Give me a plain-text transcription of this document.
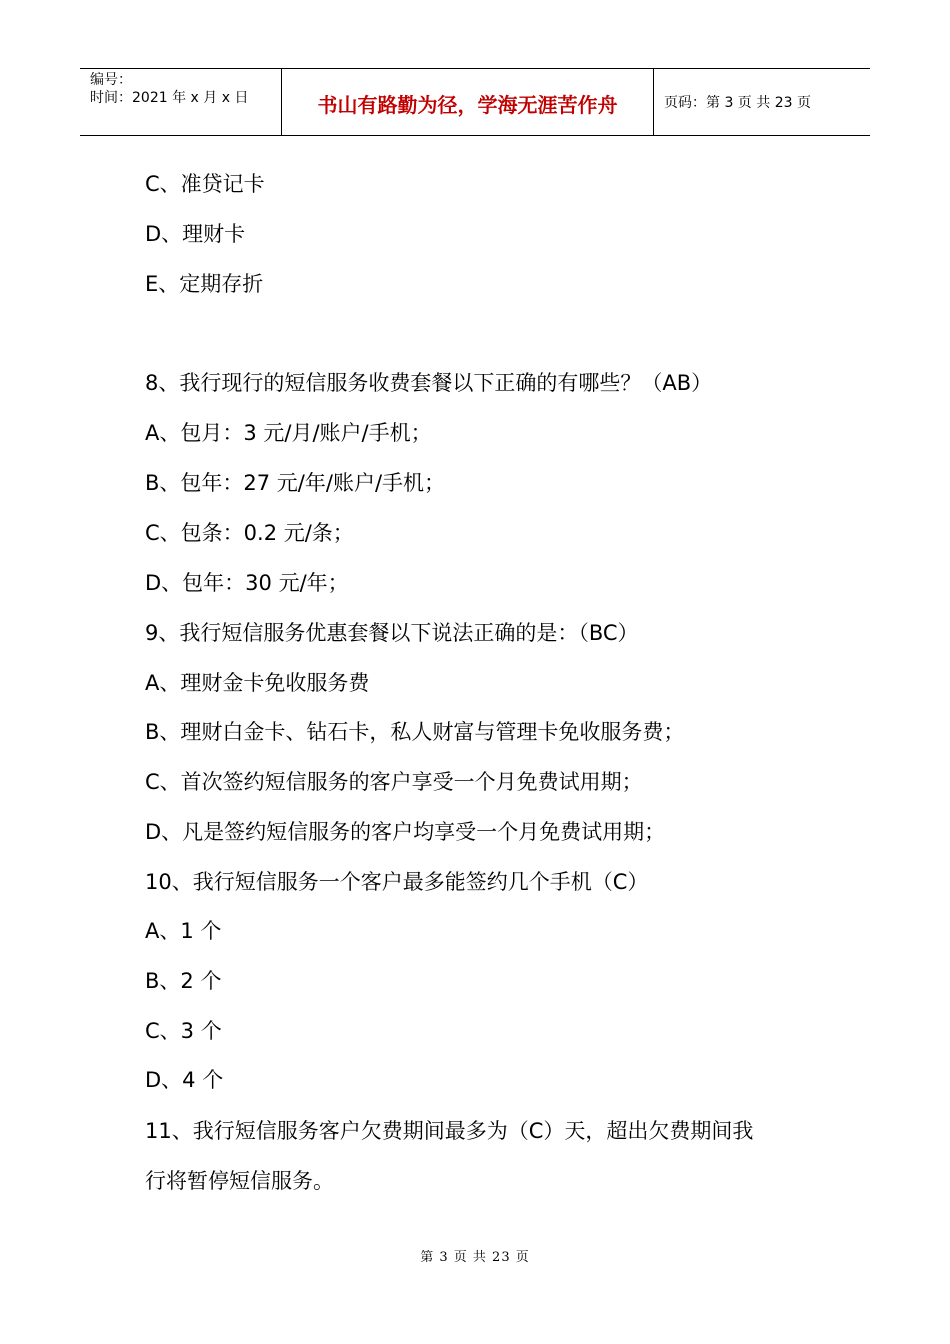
编号：
时间：2021 年 x 月 x 日	书山有路勤为径，学海无涯苦作舟	页码：第 3 页 共 23 页
C、准贷记卡
D、理财卡
E、定期存折
8、我行现行的短信服务收费套餐以下正确的有哪些？（AB）
A、包月：3 元/月/账户/手机；
B、包年：27 元/年/账户/手机；
C、包条：0.2 元/条；
D、包年：30 元/年；
9、我行短信服务优惠套餐以下说法正确的是：（BC）
A、理财金卡免收服务费
B、理财白金卡、钻石卡，私人财富与管理卡免收服务费；
C、首次签约短信服务的客户享受一个月免费试用期；
D、凡是签约短信服务的客户均享受一个月免费试用期；
10、我行短信服务一个客户最多能签约几个手机（C）
A、1 个
B、2 个
C、3 个
D、4 个
11、我行短信服务客户欠费期间最多为（C）天，超出欠费期间我
行将暂停短信服务。
第 3 页 共 23 页
